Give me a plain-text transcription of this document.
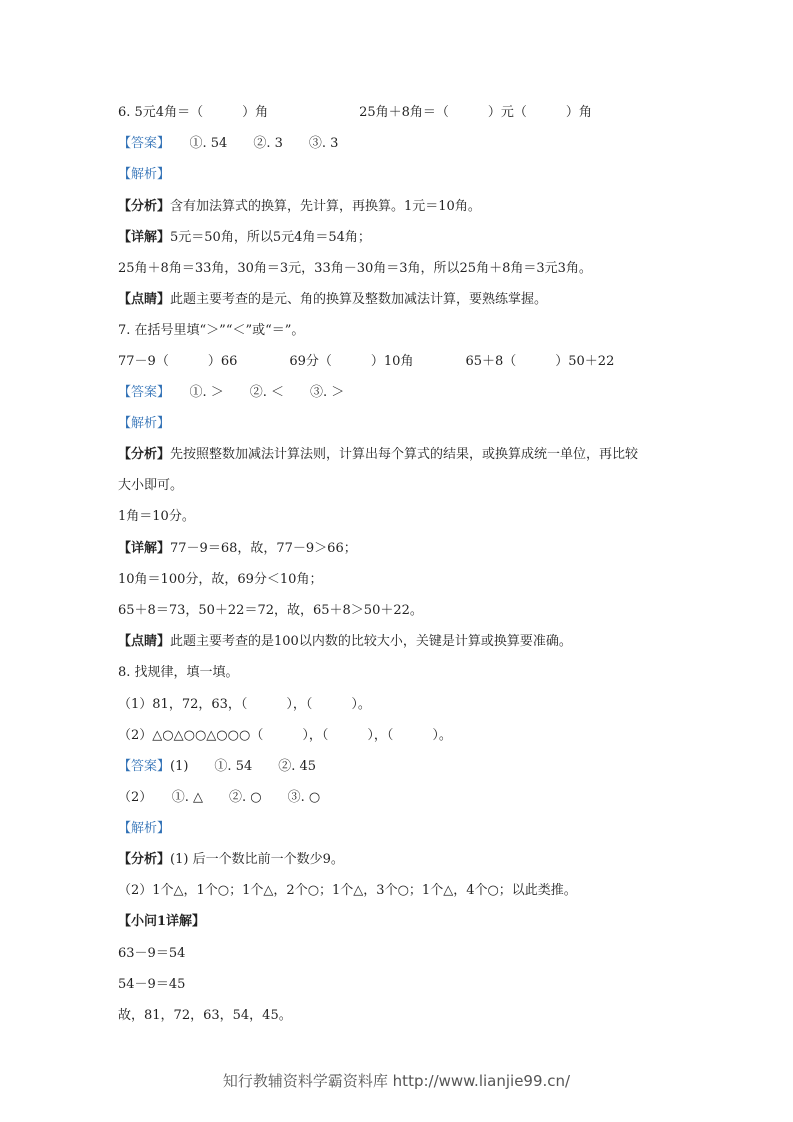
6. 5元4角＝（　　　）角　　　　　　　25角＋8角＝（　　　）元（　　　）角
【答案】　　①. 54　　②. 3　　③. 3
【解析】
【分析】含有加法算式的换算，先计算，再换算。1元＝10角。
【详解】5元＝50角，所以5元4角＝54角；
25角＋8角＝33角，30角＝3元，33角－30角＝3角，所以25角＋8角＝3元3角。
【点睛】此题主要考查的是元、角的换算及整数加减法计算，要熟练掌握。
7. 在括号里填“＞”“＜”或“＝”。
77－9（　　　）66　　　　69分（　　　）10角　　　　65＋8（　　　）50＋22
【答案】　　①. ＞　　②. ＜　　③. ＞
【解析】
【分析】先按照整数加减法计算法则，计算出每个算式的结果，或换算成统一单位，再比较
大小即可。
1角＝10分。
【详解】77－9＝68，故，77－9＞66；
10角＝100分，故，69分＜10角；
65＋8＝73，50＋22＝72，故，65＋8＞50＋22。
【点睛】此题主要考查的是100以内数的比较大小，关键是计算或换算要准确。
8. 找规律，填一填。
（1）81，72，63，（　　　），（　　　）。
（2）△○△○○△○○○（　　　），（　　　），（　　　）。
【答案】(1)　　①. 54　　②. 45
（2）　　①. △　　②. ○　　③. ○
【解析】
【分析】(1) 后一个数比前一个数少9。
（2）1个△，1个○；1个△，2个○；1个△，3个○；1个△，4个○；以此类推。
【小问1详解】
63－9＝54
54－9＝45
故，81，72，63，54，45。
知行教辅资料学霸资料库 http://www.lianjie99.cn/
